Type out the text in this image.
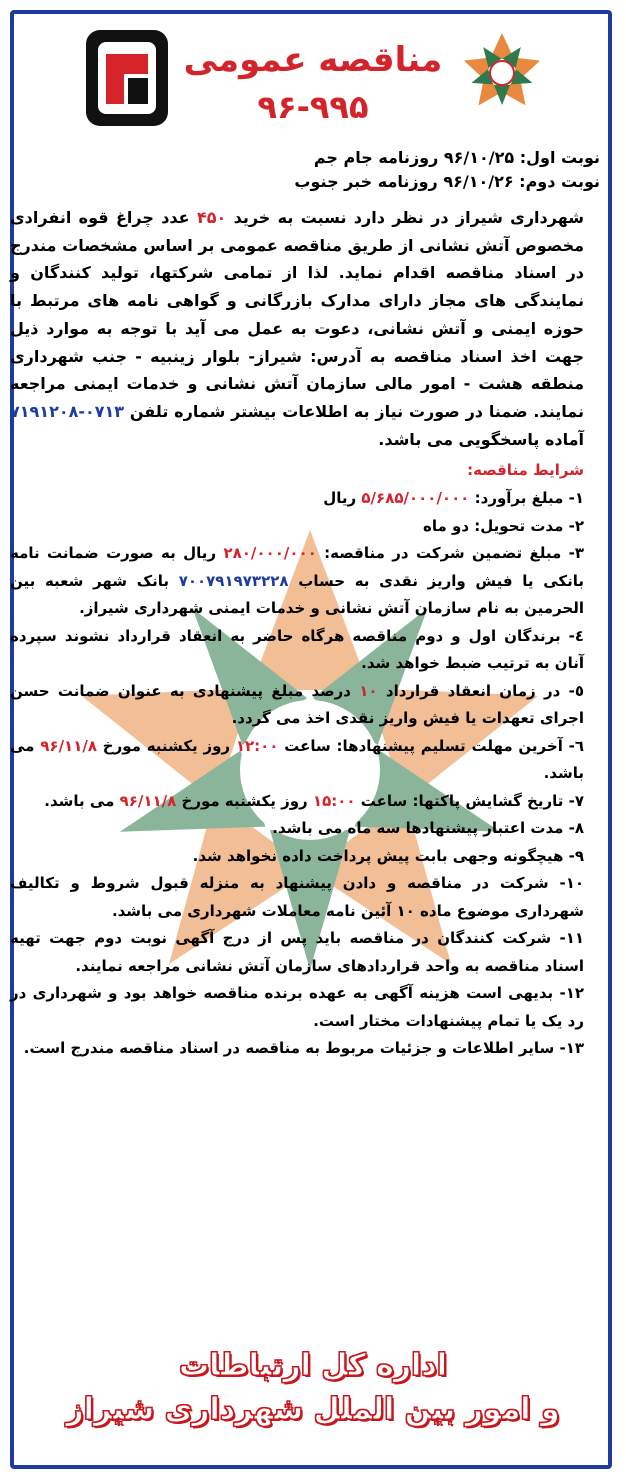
مناقصه عمومی
۹۶-۹۹۵
نوبت اول: ۹۶/۱۰/۲۵ روزنامه جام جم
نوبت دوم: ۹۶/۱۰/۲۶ روزنامه خبر جنوب
شهرداری شیراز در نظر دارد نسبت به خرید ۴۵۰ عدد چراغ قوه انفرادی مخصوص آتش نشانی از طریق مناقصه عمومی بر اساس مشخصات مندرج در اسناد مناقصه اقدام نماید. لذا از تمامی شرکتها، تولید کنندگان و نمایندگی های مجاز دارای مدارک بازرگانی و گواهی نامه های مرتبط با حوزه ایمنی و آتش نشانی، دعوت به عمل می آید با توجه به موارد ذیل جهت اخذ اسناد مناقصه به آدرس: شیراز- بلوار زینبیه - جنب شهرداری منطقه هشت - امور مالی سازمان آتش نشانی و خدمات ایمنی مراجعه نمایند. ضمنا در صورت نیاز به اطلاعات بیشتر شماره تلفن ۷۱۹۱۲۰۸-۰۷۱۳ آماده پاسخگویی می باشد.
شرایط مناقصه:
۱- مبلغ برآورد: ۵/۶۸۵/۰۰۰/۰۰۰ ریال
۲- مدت تحویل: دو ماه
۳- مبلغ تضمین شرکت در مناقصه: ۲۸۰/۰۰۰/۰۰۰ ریال به صورت ضمانت نامه بانکی یا فیش واریز نقدی به حساب ۷۰۰۷۹۱۹۷۳۲۲۸ بانک شهر شعبه بین الحرمین به نام سازمان آتش نشانی و خدمات ایمنی شهرداری شیراز.
٤- برندگان اول و دوم مناقصه هرگاه حاضر به انعقاد قرارداد نشوند سپرده آنان به ترتیب ضبط خواهد شد.
٥- در زمان انعقاد قرارداد ۱۰ درصد مبلغ پیشنهادی به عنوان ضمانت حسن اجرای تعهدات یا فیش واریز نقدی اخذ می گردد.
٦- آخرین مهلت تسلیم پیشنهادها: ساعت ۱۲:۰۰ روز یکشنبه مورخ ۹۶/۱۱/۸ می باشد.
۷- تاریخ گشایش پاکتها: ساعت ۱۵:۰۰ روز یکشنبه مورخ ۹۶/۱۱/۸ می باشد.
۸- مدت اعتبار پیشنهادها سه ماه می باشد.
۹- هیچگونه وجهی بابت پیش پرداخت داده نخواهد شد.
۱۰- شرکت در مناقصه و دادن پیشنهاد به منزله قبول شروط و تکالیف شهرداری موضوع ماده ۱۰ آئین نامه معاملات شهرداری می باشد.
۱۱- شرکت کنندگان در مناقصه باید پس از درج آگهی نوبت دوم جهت تهیه اسناد مناقصه به واحد قراردادهای سازمان آتش نشانی مراجعه نمایند.
۱۲- بدیهی است هزینه آگهی به عهده برنده مناقصه خواهد بود و شهرداری در رد یک یا تمام پیشنهادات مختار است.
۱۳- سایر اطلاعات و جزئیات مربوط به مناقصه در اسناد مناقصه مندرج است.
اداره کل ارتباطات
و امور بین الملل شهرداری شیراز
